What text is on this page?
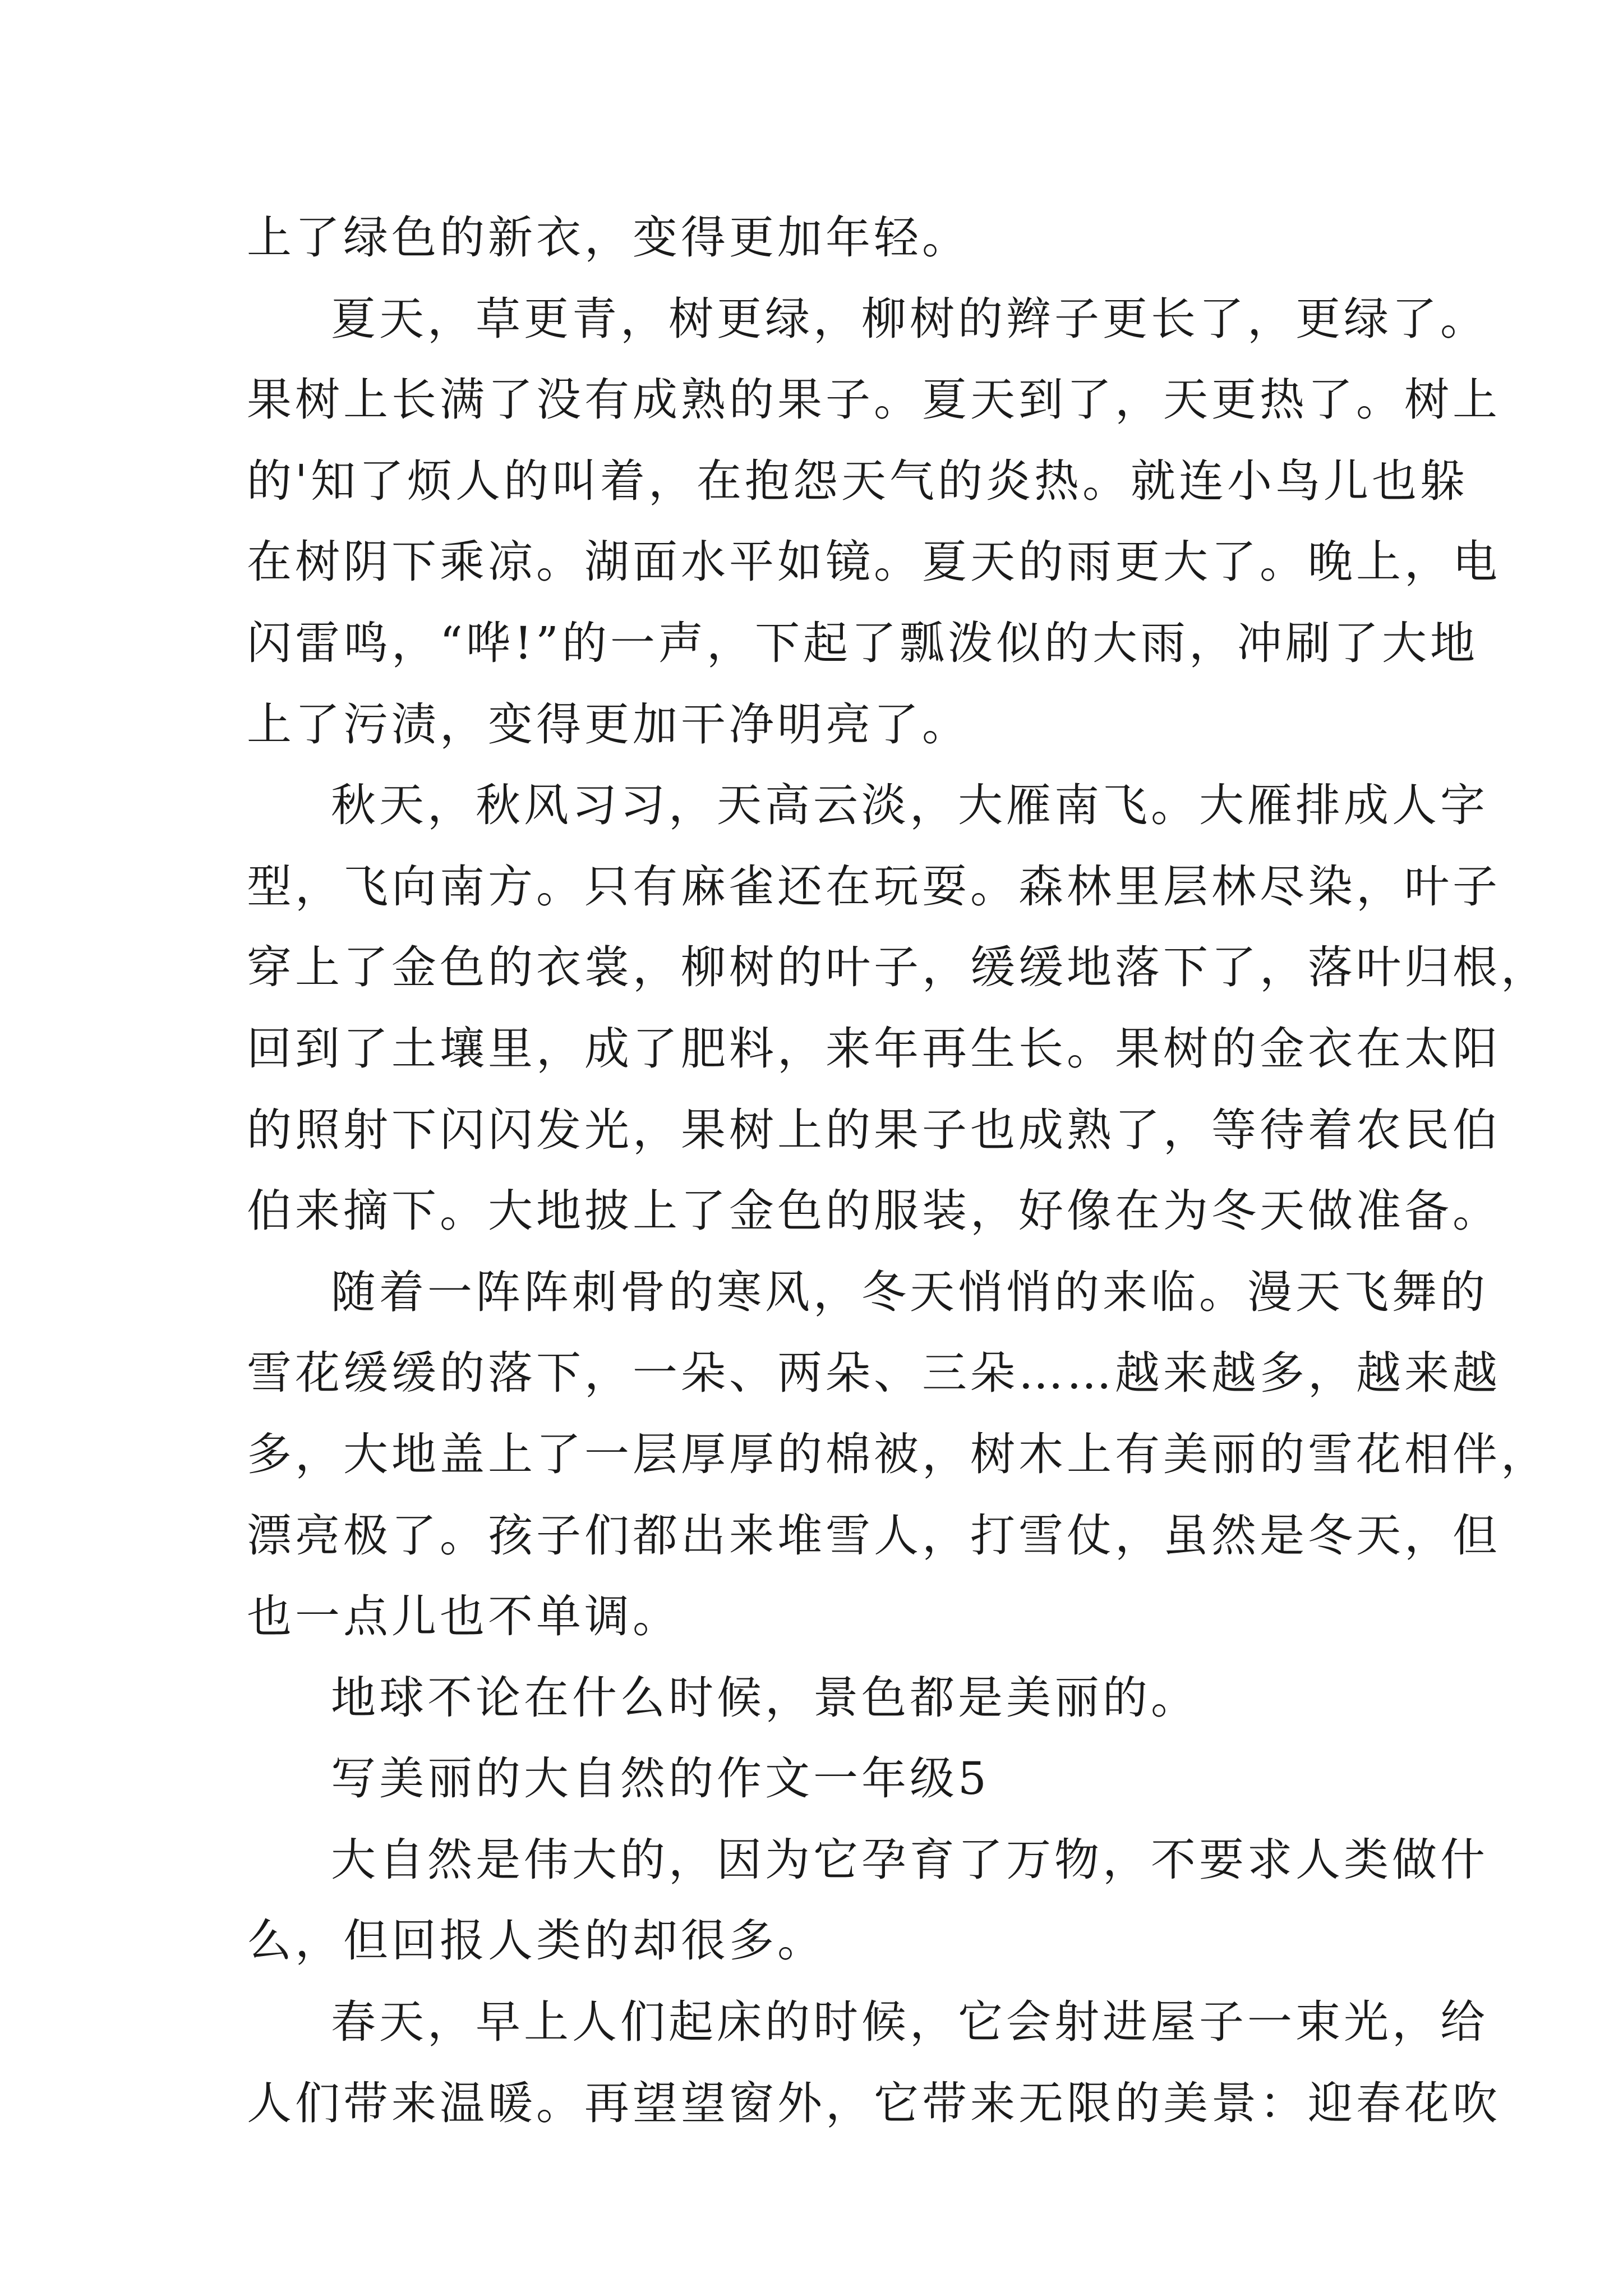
上了绿色的新衣，变得更加年轻。
夏天，草更青，树更绿，柳树的辫子更长了，更绿了。
果树上长满了没有成熟的果子。夏天到了，天更热了。树上
的'知了烦人的叫着，在抱怨天气的炎热。就连小鸟儿也躲
在树阴下乘凉。湖面水平如镜。夏天的雨更大了。晚上，电
闪雷鸣，“哗!”的一声，下起了瓢泼似的大雨，冲刷了大地
上了污渍，变得更加干净明亮了。
秋天，秋风习习，天高云淡，大雁南飞。大雁排成人字
型，飞向南方。只有麻雀还在玩耍。森林里层林尽染，叶子
穿上了金色的衣裳，柳树的叶子，缓缓地落下了，落叶归根，
回到了土壤里，成了肥料，来年再生长。果树的金衣在太阳
的照射下闪闪发光，果树上的果子也成熟了，等待着农民伯
伯来摘下。大地披上了金色的服装，好像在为冬天做准备。
随着一阵阵刺骨的寒风，冬天悄悄的来临。漫天飞舞的
雪花缓缓的落下，一朵、两朵、三朵……越来越多，越来越
多，大地盖上了一层厚厚的棉被，树木上有美丽的雪花相伴，
漂亮极了。孩子们都出来堆雪人，打雪仗，虽然是冬天，但
也一点儿也不单调。
地球不论在什么时候，景色都是美丽的。
写美丽的大自然的作文一年级5
大自然是伟大的，因为它孕育了万物，不要求人类做什
么，但回报人类的却很多。
春天，早上人们起床的时候，它会射进屋子一束光，给
人们带来温暖。再望望窗外，它带来无限的美景：迎春花吹
